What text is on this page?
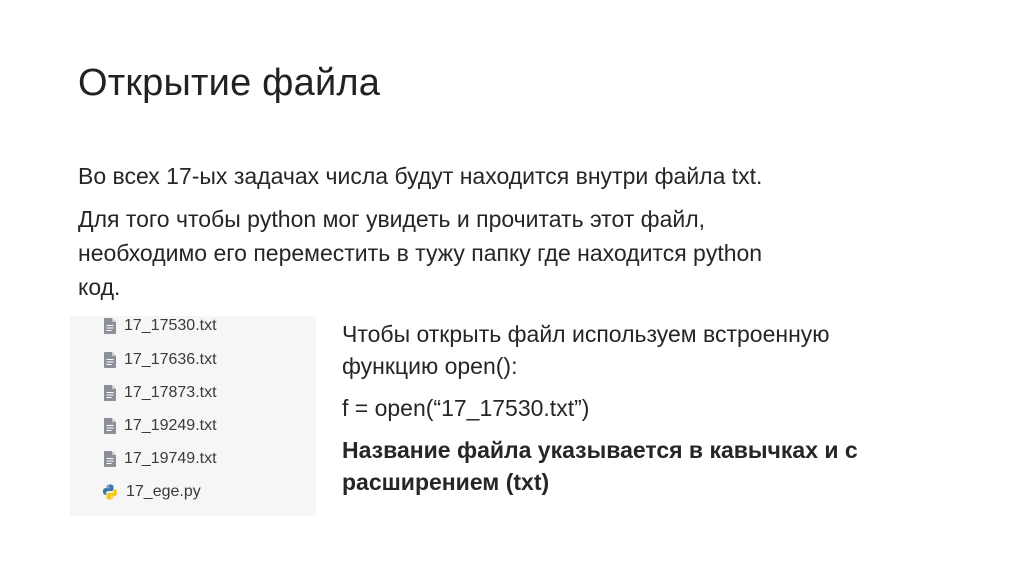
Открытие файла
Во всех 17-ых задачах числа будут находится внутри файла txt.
Для того чтобы python мог увидеть и прочитать этот файл,
необходимо его переместить в тужу папку где находится python
код.
17_17530.txt
17_17636.txt
17_17873.txt
17_19249.txt
17_19749.txt
17_ege.py
Чтобы открыть файл используем встроенную
функцию open():
f = open(“17_17530.txt”)
Название файла указывается в кавычках и с
расширением (txt)
